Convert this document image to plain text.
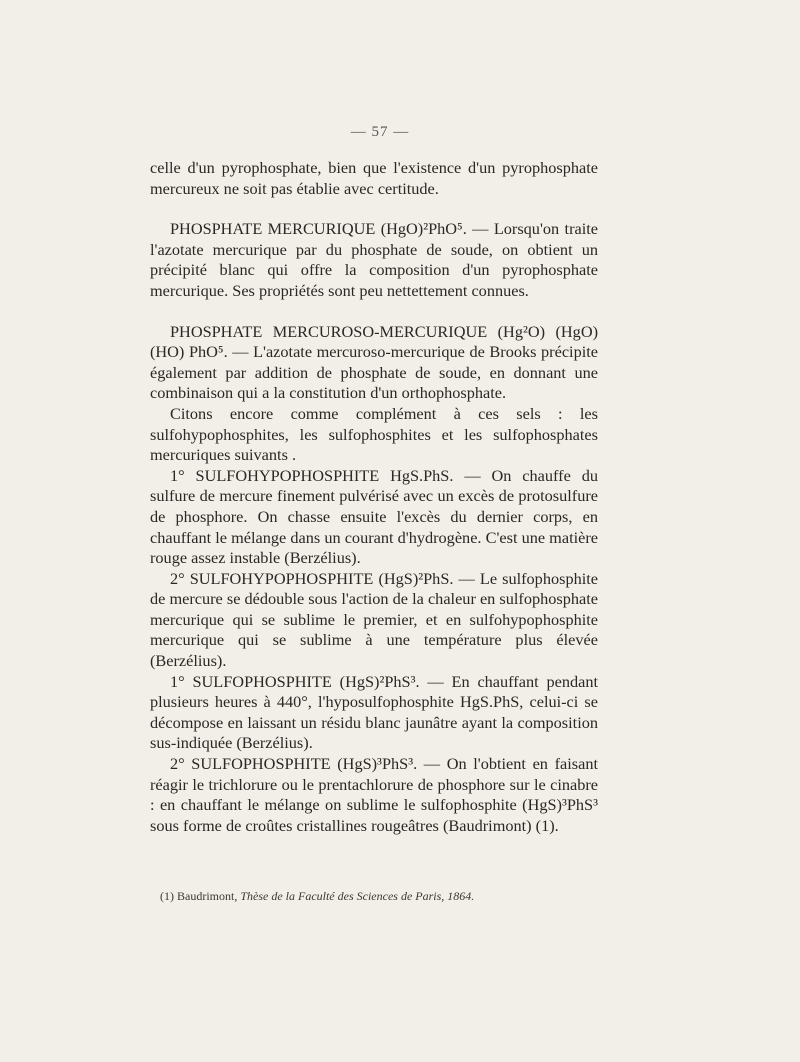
— 57 —

celle d'un pyrophosphate, bien que l'existence d'un pyrophosphate mercureux ne soit pas établie avec certitude.

PHOSPHATE MERCURIQUE (HgO)²PhO⁵. — Lorsqu'on traite l'azotate mercurique par du phosphate de soude, on obtient un précipité blanc qui offre la composition d'un pyrophosphate mercurique. Ses propriétés sont peu nettettement connues.

PHOSPHATE MERCUROSO-MERCURIQUE (Hg²O) (HgO) (HO) PhO⁵. — L'azotate mercuroso-mercurique de Brooks précipite également par addition de phosphate de soude, en donnant une combinaison qui a la constitution d'un orthophosphate.

Citons encore comme complément à ces sels : les sulfohypophosphites, les sulfophosphites et les sulfophosphates mercuriques suivants .

1° SULFOHYPOPHOSPHITE HgS.PhS. — On chauffe du sulfure de mercure finement pulvérisé avec un excès de protosulfure de phosphore. On chasse ensuite l'excès du dernier corps, en chauffant le mélange dans un courant d'hydrogène. C'est une matière rouge assez instable (Berzélius).

2° SULFOHYPOPHOSPHITE (HgS)²PhS. — Le sulfophosphite de mercure se dédouble sous l'action de la chaleur en sulfophosphate mercurique qui se sublime le premier, et en sulfohypophosphite mercurique qui se sublime à une température plus élevée (Berzélius).

1° SULFOPHOSPHITE (HgS)²PhS³. — En chauffant pendant plusieurs heures à 440°, l'hyposulfophosphite HgS.PhS, celui-ci se décompose en laissant un résidu blanc jaunâtre ayant la composition sus-indiquée (Berzélius).

2° SULFOPHOSPHITE (HgS)³PhS³. — On l'obtient en faisant réagir le trichlorure ou le prentachlorure de phosphore sur le cinabre : en chauffant le mélange on sublime le sulfophosphite (HgS)³PhS³ sous forme de croûtes cristallines rougeâtres (Baudrimont) (1).

(1) Baudrimont, Thèse de la Faculté des Sciences de Paris, 1864.
